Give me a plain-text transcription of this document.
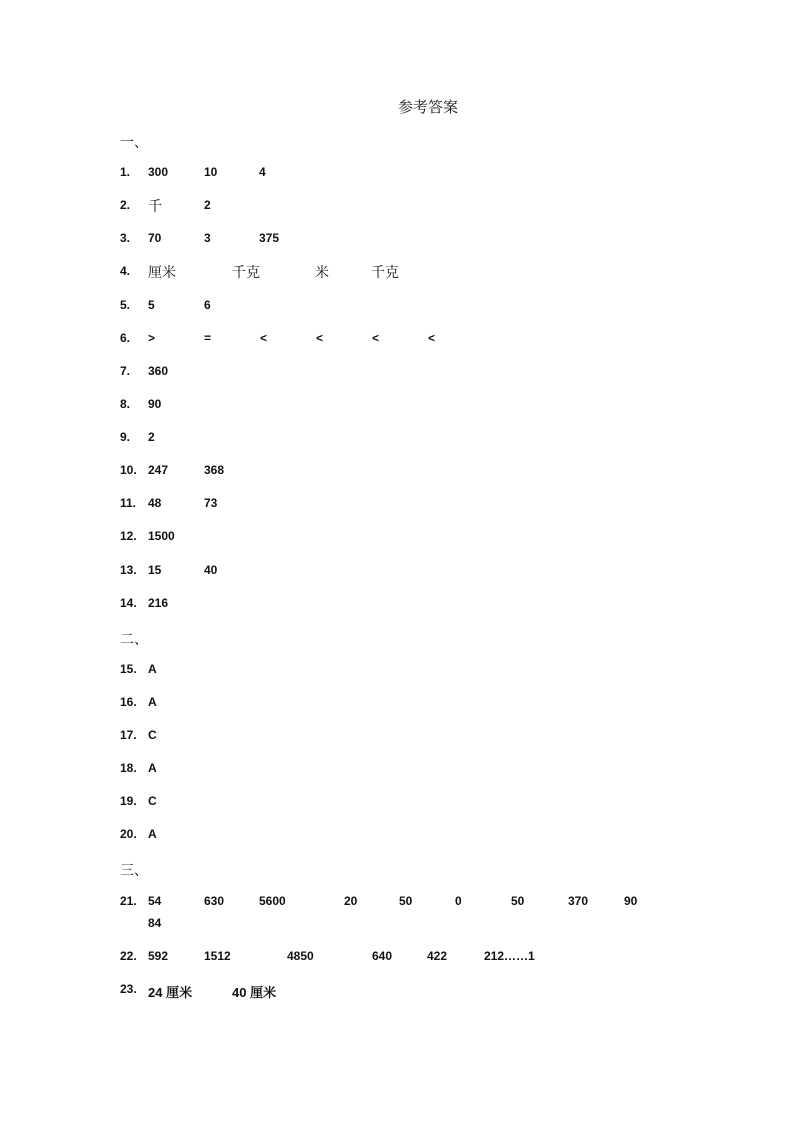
参考答案
一、
1. 300	10	4
2. 千	2
3. 70	3	375
4. 厘米	千克	米	千克
5. 5	6
6. >	=	<	<	<	<
7. 360
8. 90
9. 2
10. 247	368
11. 48	73
12. 1500
13. 15	40
14. 216
二、
15. A
16. A
17. C
18. A
19. C
20. A
三、
21. 54	630	5600	20	50	0	50	370	90
84
22. 592	1512	4850	640	422	212……1
23. 24 厘米	40 厘米
